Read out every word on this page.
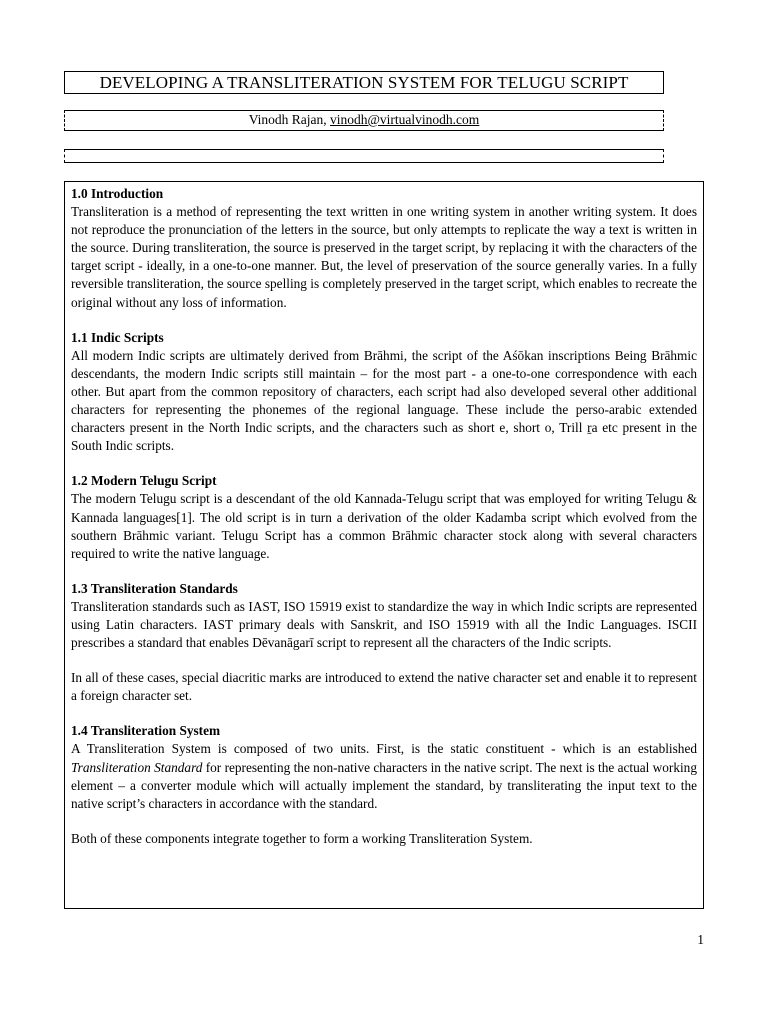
DEVELOPING A TRANSLITERATION SYSTEM FOR TELUGU SCRIPT
Vinodh Rajan, vinodh@virtualvinodh.com
1.0 Introduction

Transliteration is a method of representing the text written in one writing system in another writing system. It does not reproduce the pronunciation of the letters in the source, but only attempts to replicate the way a text is written in the source. During transliteration, the source is preserved in the target script, by replacing it with the characters of the target script - ideally, in a one-to-one manner. But, the level of preservation of the source generally varies. In a fully reversible transliteration, the source spelling is completely preserved in the target script, which enables to recreate the original without any loss of information.

1.1 Indic Scripts

All modern Indic scripts are ultimately derived from Brāhmi, the script of the Aśōkan inscriptions Being Brāhmic descendants, the modern Indic scripts still maintain – for the most part - a one-to-one correspondence with each other. But apart from the common repository of characters, each script had also developed several other additional characters for representing the phonemes of the regional language. These include the perso-arabic extended characters present in the North Indic scripts, and the characters such as short e, short o, Trill ṟa etc present in the South Indic scripts.

1.2 Modern Telugu Script

The modern Telugu script is a descendant of the old Kannada-Telugu script that was employed for writing Telugu & Kannada languages[1]. The old script is in turn a derivation of the older Kadamba script which evolved from the southern Brāhmic variant. Telugu Script has a common Brāhmic character stock along with several characters required to write the native language.

1.3 Transliteration Standards

Transliteration standards such as IAST, ISO 15919 exist to standardize the way in which Indic scripts are represented using Latin characters. IAST primary deals with Sanskrit, and ISO 15919 with all the Indic Languages. ISCII prescribes a standard that enables Dēvanāgarī script to represent all the characters of the Indic scripts.

In all of these cases, special diacritic marks are introduced to extend the native character set and enable it to represent a foreign character set.

1.4 Transliteration System

A Transliteration System is composed of two units. First, is the static constituent - which is an established Transliteration Standard for representing the non-native characters in the native script. The next is the actual working element – a converter module which will actually implement the standard, by transliterating the input text to the native script’s characters in accordance with the standard.

Both of these components integrate together to form a working Transliteration System.

1
